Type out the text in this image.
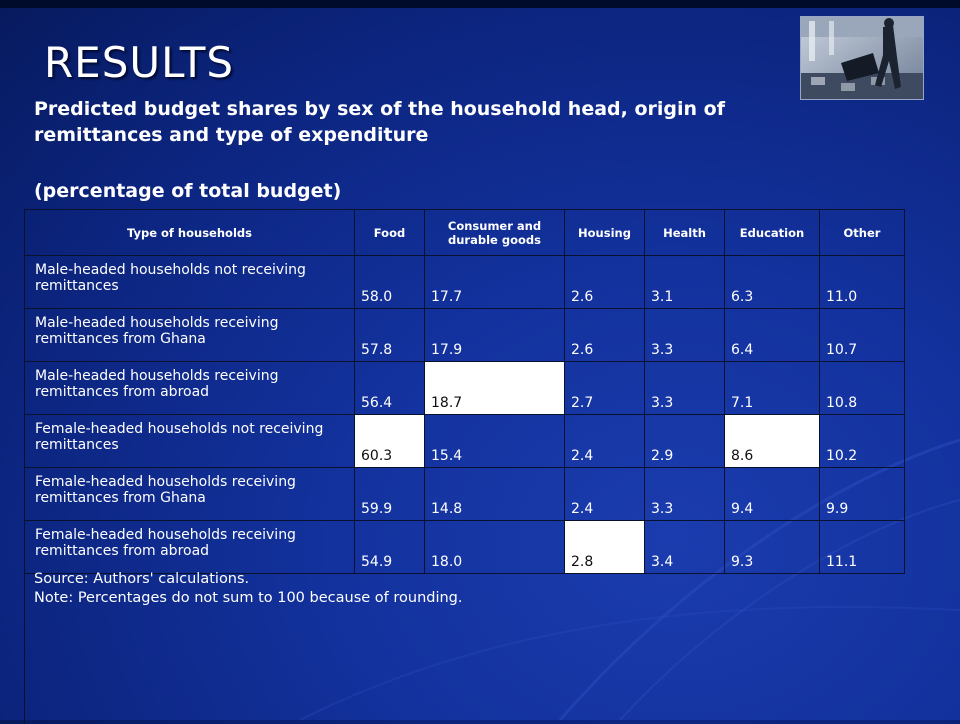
RESULTS

Predicted budget shares by sex of the household head, origin of remittances and type of expenditure

(percentage of total budget)

Type of households	Food	Consumer and durable goods	Housing	Health	Education	Other
Male-headed households not receiving remittances	58.0	17.7	2.6	3.1	6.3	11.0
Male-headed households receiving remittances from Ghana	57.8	17.9	2.6	3.3	6.4	10.7
Male-headed households receiving remittances from abroad	56.4	18.7	2.7	3.3	7.1	10.8
Female-headed households not receiving remittances	60.3	15.4	2.4	2.9	8.6	10.2
Female-headed households receiving remittances from Ghana	59.9	14.8	2.4	3.3	9.4	9.9
Female-headed households receiving remittances from abroad	54.9	18.0	2.8	3.4	9.3	11.1

Source: Authors' calculations.

Note: Percentages do not sum to 100 because of rounding.
